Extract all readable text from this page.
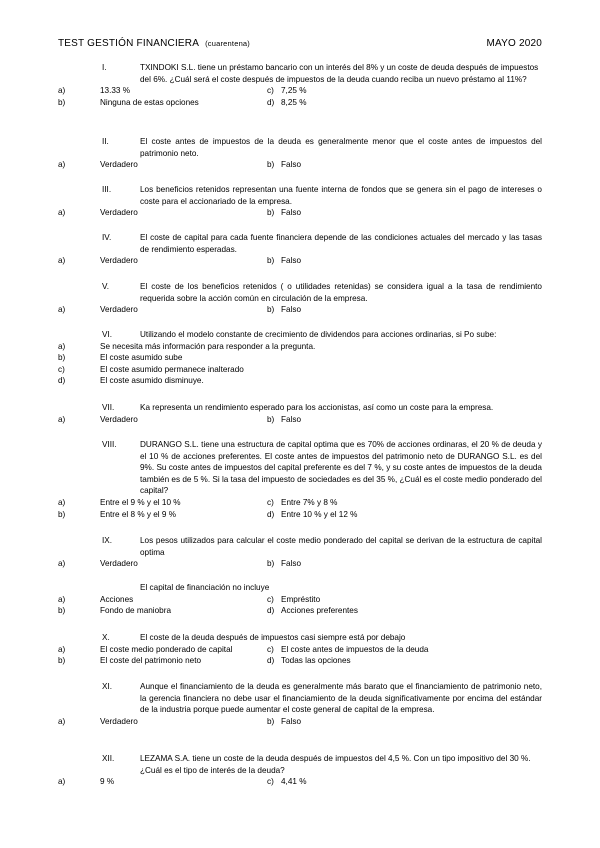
TEST GESTIÓN FINANCIERA (cuarentena)	MAYO 2020
I.	TXINDOKI S.L. tiene un préstamo bancario con un interés del 8% y un coste de deuda después de impuestos del 6%. ¿Cuál será el coste después de impuestos de la deuda cuando reciba un nuevo préstamo al 11%?
a)	13.33 %	c) 7,25 %
b)	Ninguna de estas opciones	d) 8,25 %
II.	El coste antes de impuestos de la deuda es generalmente menor que el coste antes de impuestos del patrimonio neto.
a)	Verdadero	b) Falso
III.	Los beneficios retenidos representan una fuente interna de fondos que se genera sin el pago de intereses o coste para el accionariado de la empresa.
a)	Verdadero	b) Falso
IV.	El coste de capital para cada fuente financiera depende de las condiciones actuales del mercado y las tasas de rendimiento esperadas.
a)	Verdadero	b) Falso
V.	El coste de los beneficios retenidos ( o utilidades retenidas) se considera igual a la tasa de rendimiento requerida sobre la acción común en circulación de la empresa.
a)	Verdadero	b) Falso
VI.	Utilizando el modelo constante de crecimiento de dividendos para acciones ordinarias, si Po sube:
a)	Se necesita más información para responder a la pregunta.
b)	El coste asumido sube
c)	El coste asumido permanece inalterado
d)	El coste asumido disminuye.
VII.	Ka representa un rendimiento esperado para los accionistas, así como un coste para la empresa.
a)	Verdadero	b) Falso
VIII.	DURANGO S.L. tiene una estructura de capital optima que es 70% de acciones ordinaras, el 20 % de deuda y el 10 % de acciones preferentes. El coste antes de impuestos del patrimonio neto de DURANGO S.L. es del 9%. Su coste antes de impuestos del capital preferente es del 7 %, y su coste antes de impuestos de la deuda también es de 5 %. Si la tasa del impuesto de sociedades es del 35 %, ¿Cuál es el coste medio ponderado del capital?
a)	Entre el 9 % y el 10 %	c) Entre 7% y 8 %
b)	Entre el 8 % y el 9 %	d) Entre 10 % y el 12 %
IX.	Los pesos utilizados para calcular el coste medio ponderado del capital se derivan de la estructura de capital optima
a)	Verdadero	b) Falso
El capital de financiación no incluye
a)	Acciones	c) Empréstito
b)	Fondo de maniobra	d) Acciones preferentes
X.	El coste de la deuda después de impuestos casi siempre está por debajo
a)	El coste medio ponderado de capital	c) El coste antes de impuestos de la deuda
b)	El coste del patrimonio neto	d) Todas las opciones
XI.	Aunque el financiamiento de la deuda es generalmente más barato que el financiamiento de patrimonio neto, la gerencia financiera no debe usar el financiamiento de la deuda significativamente por encima del estándar de la industria porque puede aumentar el coste general de capital de la empresa.
a)	Verdadero	b) Falso
XII.	LEZAMA S.A. tiene un coste de la deuda después de impuestos del 4,5 %. Con un tipo impositivo del 30 %. ¿Cuál es el tipo de interés de la deuda?
a)	9 %	c) 4,41 %
